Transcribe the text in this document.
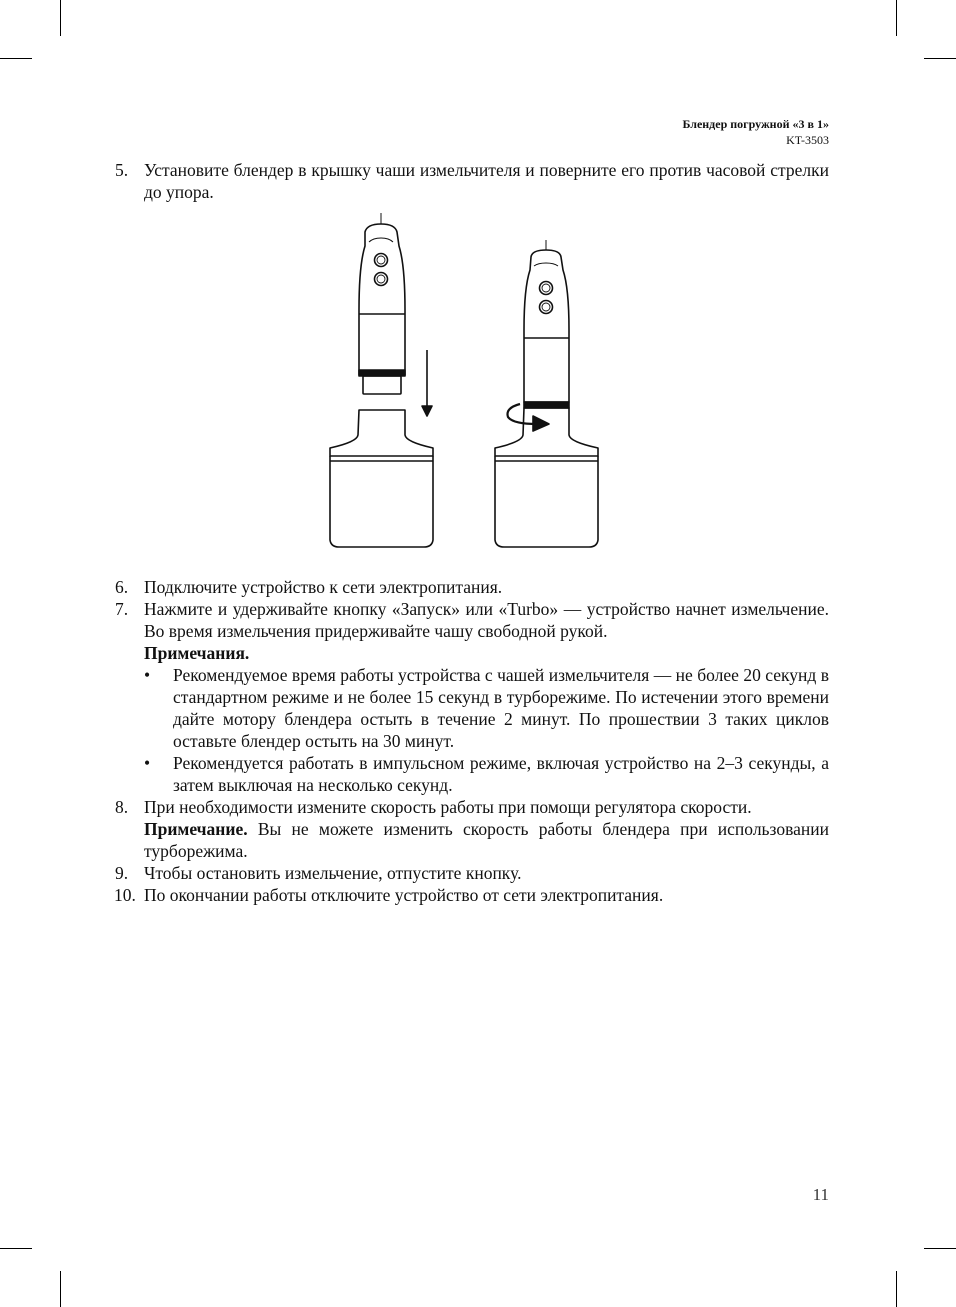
Блендер погружной «3 в 1»
KT-3503
5. Установите блендер в крышку чаши измельчителя и поверните его против часовой стрелки до упора.
6. Подключите устройство к сети электропитания.
7. Нажмите и удерживайте кнопку «Запуск» или «Turbo» — устройство начнет измельчение. Во время измельчения придерживайте чашу свободной рукой.
Примечания.
• Рекомендуемое время работы устройства с чашей измельчителя — не более 20 секунд в стандартном режиме и не более 15 секунд в турборежиме. По истечении этого времени дайте мотору блендера остыть в течение 2 минут. По прошествии 3 таких циклов оставьте блендер остыть на 30 минут.
• Рекомендуется работать в импульсном режиме, включая устройство на 2–3 секунды, а затем выключая на несколько секунд.
8. При необходимости измените скорость работы при помощи регулятора скорости.
Примечание. Вы не можете изменить скорость работы блендера при использовании турборежима.
9. Чтобы остановить измельчение, отпустите кнопку.
10. По окончании работы отключите устройство от сети электропитания.
11
